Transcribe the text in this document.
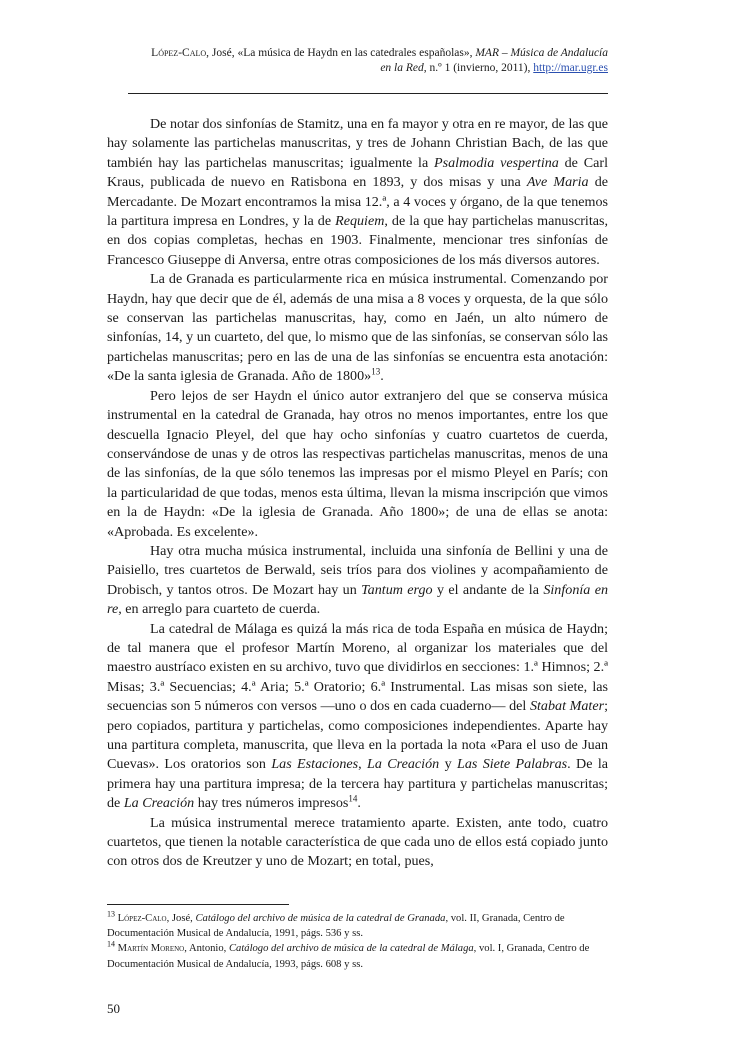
López-Calo, José, «La música de Haydn en las catedrales españolas», MAR – Música de Andalucía
en la Red, n.º 1 (invierno, 2011), http://mar.ugr.es

De notar dos sinfonías de Stamitz, una en fa mayor y otra en re mayor, de las que hay solamente las partichelas manuscritas, y tres de Johann Christian Bach, de las que también hay las partichelas manuscritas; igualmente la Psalmodia vespertina de Carl Kraus, publicada de nuevo en Ratisbona en 1893, y dos misas y una Ave Maria de Mercadante. De Mozart encontramos la misa 12.ª, a 4 voces y órgano, de la que tenemos la partitura impresa en Londres, y la de Requiem, de la que hay partichelas manuscritas, en dos copias completas, hechas en 1903. Finalmente, mencionar tres sinfonías de Francesco Giuseppe di Anversa, entre otras composiciones de los más diversos autores.

La de Granada es particularmente rica en música instrumental. Comenzando por Haydn, hay que decir que de él, además de una misa a 8 voces y orquesta, de la que sólo se conservan las partichelas manuscritas, hay, como en Jaén, un alto número de sinfonías, 14, y un cuarteto, del que, lo mismo que de las sinfonías, se conservan sólo las partichelas manuscritas; pero en las de una de las sinfonías se encuentra esta anotación: «De la santa iglesia de Granada. Año de 1800»$^{13}$.

Pero lejos de ser Haydn el único autor extranjero del que se conserva música instrumental en la catedral de Granada, hay otros no menos importantes, entre los que descuella Ignacio Pleyel, del que hay ocho sinfonías y cuatro cuartetos de cuerda, conservándose de unas y de otros las respectivas partichelas manuscritas, menos de una de las sinfonías, de la que sólo tenemos las impresas por el mismo Pleyel en París; con la particularidad de que todas, menos esta última, llevan la misma inscripción que vimos en la de Haydn: «De la iglesia de Granada. Año 1800»; de una de ellas se anota: «Aprobada. Es excelente».

Hay otra mucha música instrumental, incluida una sinfonía de Bellini y una de Paisiello, tres cuartetos de Berwald, seis tríos para dos violines y acompañamiento de Drobisch, y tantos otros. De Mozart hay un Tantum ergo y el andante de la Sinfonía en re, en arreglo para cuarteto de cuerda.

La catedral de Málaga es quizá la más rica de toda España en música de Haydn; de tal manera que el profesor Martín Moreno, al organizar los materiales que del maestro austríaco existen en su archivo, tuvo que dividirlos en secciones: 1.ª Himnos; 2.ª Misas; 3.ª Secuencias; 4.ª Aria; 5.ª Oratorio; 6.ª Instrumental. Las misas son siete, las secuencias son 5 números con versos —uno o dos en cada cuaderno— del Stabat Mater; pero copiados, partitura y partichelas, como composiciones independientes. Aparte hay una partitura completa, manuscrita, que lleva en la portada la nota «Para el uso de Juan Cuevas». Los oratorios son Las Estaciones, La Creación y Las Siete Palabras. De la primera hay una partitura impresa; de la tercera hay partitura y partichelas manuscritas; de La Creación hay tres números impresos$^{14}$.

La música instrumental merece tratamiento aparte. Existen, ante todo, cuatro cuartetos, que tienen la notable característica de que cada uno de ellos está copiado junto con otros dos de Kreutzer y uno de Mozart; en total, pues,

$^{13}$ López-Calo, José, Catálogo del archivo de música de la catedral de Granada, vol. II, Granada, Centro de Documentación Musical de Andalucía, 1991, págs. 536 y ss.
$^{14}$ Martín Moreno, Antonio, Catálogo del archivo de música de la catedral de Málaga, vol. I, Granada, Centro de Documentación Musical de Andalucía, 1993, págs. 608 y ss.
50
